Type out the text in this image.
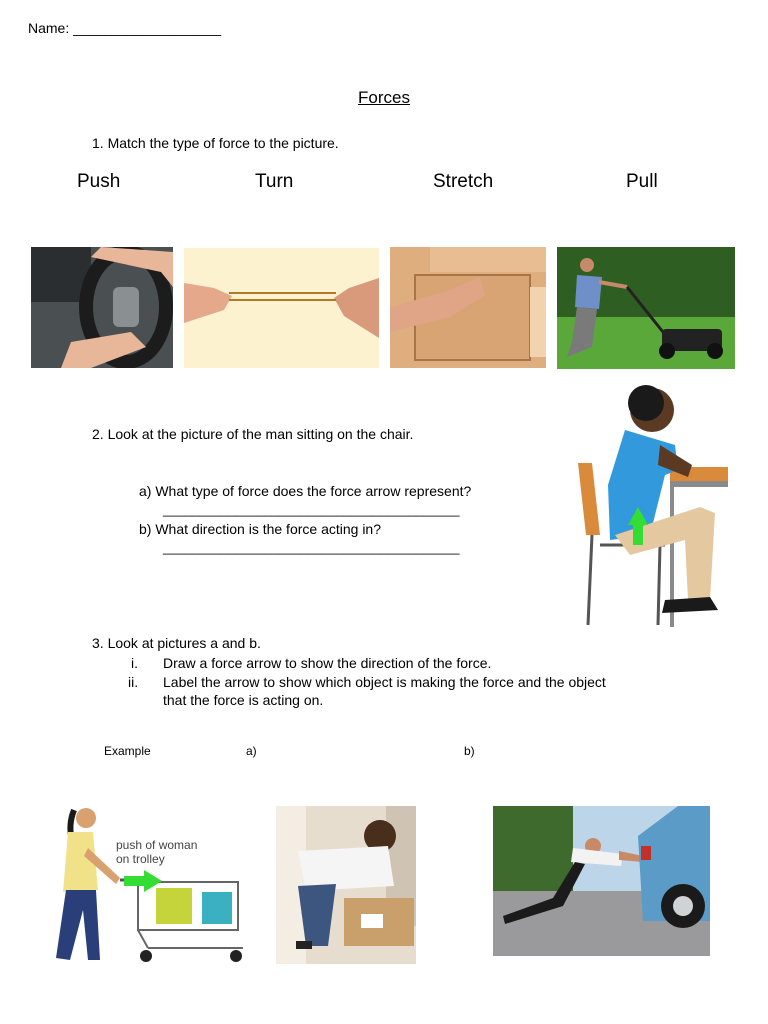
Name: ___________________
Forces
1. Match the type of force to the picture.
Push	Turn	Stretch	Pull
2. Look at the picture of the man sitting on the chair.
a) What type of force does the force arrow represent?
_________________________________________
b) What direction is the force acting in?
_________________________________________
3. Look at pictures a and b.
i. Draw a force arrow to show the direction of the force.
ii. Label the arrow to show which object is making the force and the object
that the force is acting on.
Example	a)	b)
push of woman
on trolley
